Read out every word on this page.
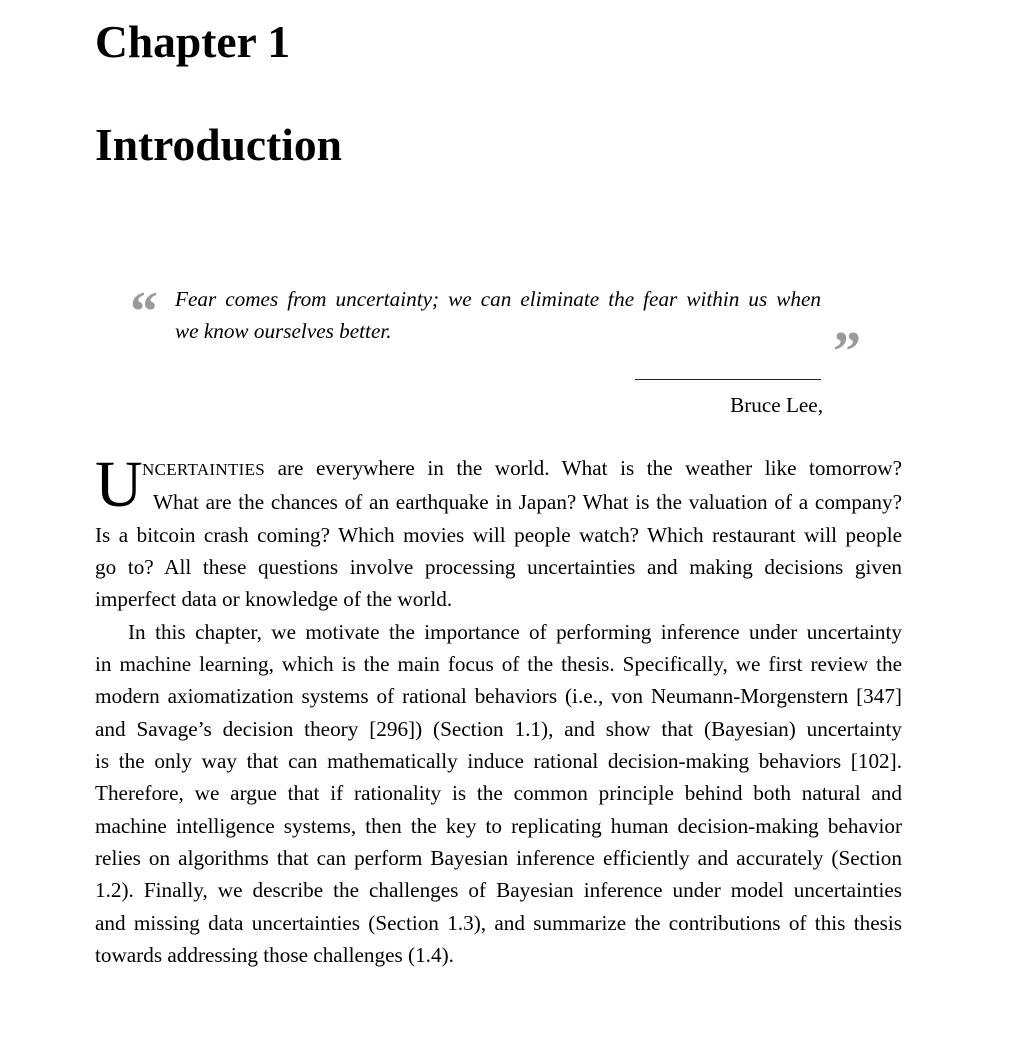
Chapter 1
Introduction
“ Fear comes from uncertainty; we can eliminate the fear within us when
we know ourselves better.	”
Bruce Lee,
U NCERTAINTIES are everywhere in the world. What is the weather like tomorrow?
What are the chances of an earthquake in Japan? What is the valuation of a company?
Is a bitcoin crash coming? Which movies will people watch? Which restaurant will people
go to? All these questions involve processing uncertainties and making decisions given
imperfect data or knowledge of the world.
In this chapter, we motivate the importance of performing inference under uncertainty
in machine learning, which is the main focus of the thesis. Specifically, we first review the
modern axiomatization systems of rational behaviors (i.e., von Neumann-Morgenstern [347]
and Savage’s decision theory [296]) (Section 1.1), and show that (Bayesian) uncertainty
is the only way that can mathematically induce rational decision-making behaviors [102].
Therefore, we argue that if rationality is the common principle behind both natural and
machine intelligence systems, then the key to replicating human decision-making behavior
relies on algorithms that can perform Bayesian inference efficiently and accurately (Section
1.2). Finally, we describe the challenges of Bayesian inference under model uncertainties
and missing data uncertainties (Section 1.3), and summarize the contributions of this thesis
towards addressing those challenges (1.4).
